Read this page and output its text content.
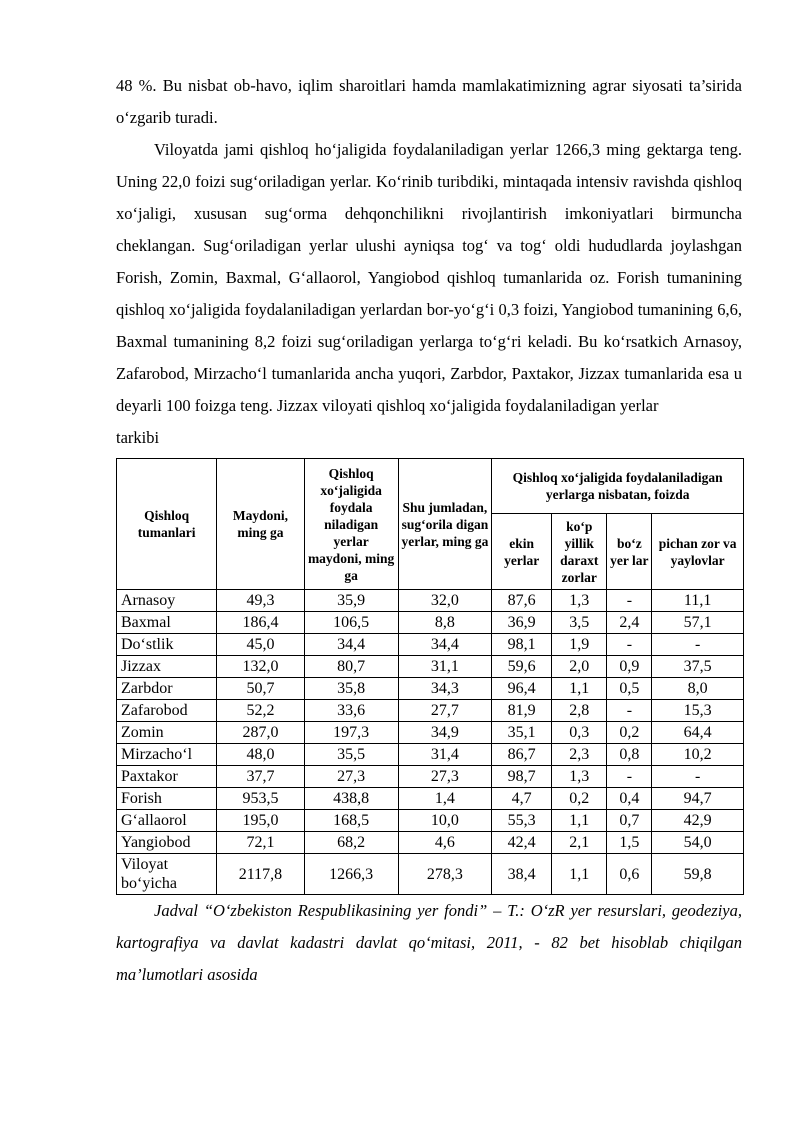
48 %. Bu nisbat ob-havo, iqlim sharoitlari hamda mamlakatimizning agrar siyosati ta’sirida o‘zgarib turadi.

Viloyatda jami qishloq ho‘jaligida foydalaniladigan yerlar 1266,3 ming gektarga teng. Uning 22,0 foizi sug‘oriladigan yerlar. Ko‘rinib turibdiki, mintaqada intensiv ravishda qishloq xo‘jaligi, xususan sug‘orma dehqonchilikni rivojlantirish imkoniyatlari birmuncha cheklangan. Sug‘oriladigan yerlar ulushi ayniqsa tog‘ va tog‘ oldi hududlarda joylashgan Forish, Zomin, Baxmal, G‘allaorol, Yangiobod qishloq tumanlarida oz. Forish tumanining qishloq xo‘jaligida foydalaniladigan yerlardan bor-yo‘g‘i 0,3 foizi, Yangiobod tumanining 6,6, Baxmal tumanining 8,2 foizi sug‘oriladigan yerlarga to‘g‘ri keladi. Bu ko‘rsatkich Arnasoy, Zafarobod, Mirzacho‘l tumanlarida ancha yuqori, Zarbdor, Paxtakor, Jizzax tumanlarida esa u deyarli 100 foizga teng. Jizzax viloyati qishloq xo‘jaligida foydalaniladigan yerlar

tarkibi

Qishloq tumanlari	Maydoni, ming ga	Qishloq xo‘jaligida foydala niladigan yerlar maydoni, ming ga	Shu jumladan, sug‘orila digan yerlar, ming ga	Qishloq xo‘jaligida foydalaniladigan yerlarga nisbatan, foizda			
				ekin yerlar	ko‘p yillik daraxt zorlar	bo‘z yer lar	pichan zor va yaylovlar
Arnasoy	49,3	35,9	32,0	87,6	1,3	-	11,1
Baxmal	186,4	106,5	8,8	36,9	3,5	2,4	57,1
Do‘stlik	45,0	34,4	34,4	98,1	1,9	-	-
Jizzax	132,0	80,7	31,1	59,6	2,0	0,9	37,5
Zarbdor	50,7	35,8	34,3	96,4	1,1	0,5	8,0
Zafarobod	52,2	33,6	27,7	81,9	2,8	-	15,3
Zomin	287,0	197,3	34,9	35,1	0,3	0,2	64,4
Mirzacho‘l	48,0	35,5	31,4	86,7	2,3	0,8	10,2
Paxtakor	37,7	27,3	27,3	98,7	1,3	-	-
Forish	953,5	438,8	1,4	4,7	0,2	0,4	94,7
G‘allaorol	195,0	168,5	10,0	55,3	1,1	0,7	42,9
Yangiobod	72,1	68,2	4,6	42,4	2,1	1,5	54,0
Viloyat
bo‘yicha	2117,8	1266,3	278,3	38,4	1,1	0,6	59,8

Jadval “O‘zbekiston Respublikasining yer fondi” – T.: O‘zR yer resurslari, geodeziya, kartografiya va davlat kadastri davlat qo‘mitasi, 2011, - 82 bet hisoblab chiqilgan ma’lumotlari asosida
